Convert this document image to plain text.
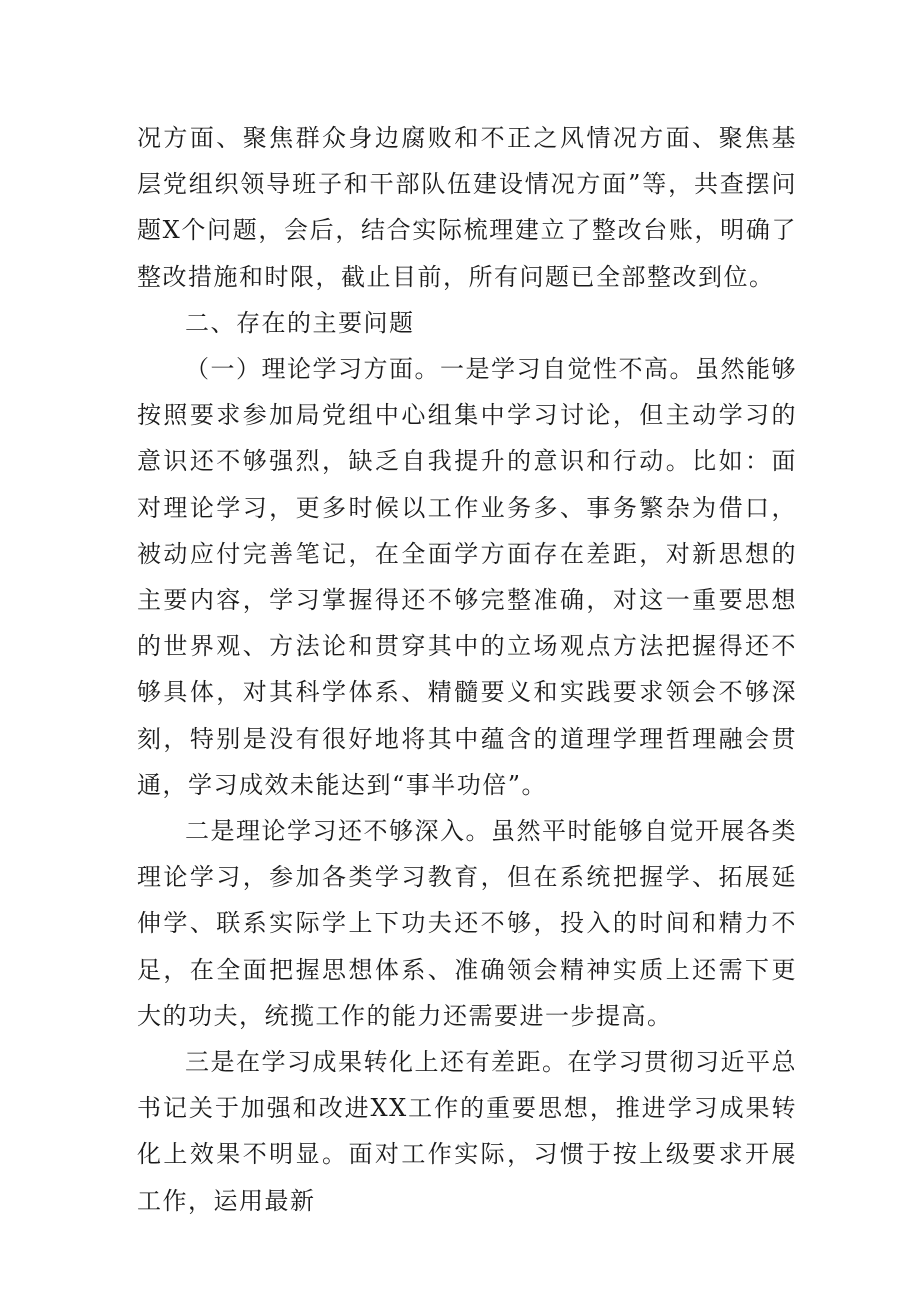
况方面、聚焦群众身边腐败和不正之风情况方面、聚焦基层党组织领导班子和干部队伍建设情况方面”等，共查摆问题X个问题，会后，结合实际梳理建立了整改台账，明确了整改措施和时限，截止目前，所有问题已全部整改到位。

二、存在的主要问题

（一）理论学习方面。一是学习自觉性不高。虽然能够按照要求参加局党组中心组集中学习讨论，但主动学习的意识还不够强烈，缺乏自我提升的意识和行动。比如：面对理论学习，更多时候以工作业务多、事务繁杂为借口，被动应付完善笔记，在全面学方面存在差距，对新思想的主要内容，学习掌握得还不够完整准确，对这一重要思想的世界观、方法论和贯穿其中的立场观点方法把握得还不够具体，对其科学体系、精髓要义和实践要求领会不够深刻，特别是没有很好地将其中蕴含的道理学理哲理融会贯通，学习成效未能达到“事半功倍”。

二是理论学习还不够深入。虽然平时能够自觉开展各类理论学习，参加各类学习教育，但在系统把握学、拓展延伸学、联系实际学上下功夫还不够，投入的时间和精力不足，在全面把握思想体系、准确领会精神实质上还需下更大的功夫，统揽工作的能力还需要进一步提高。

三是在学习成果转化上还有差距。在学习贯彻习近平总书记关于加强和改进XX工作的重要思想，推进学习成果转化上效果不明显。面对工作实际，习惯于按上级要求开展工作，运用最新
